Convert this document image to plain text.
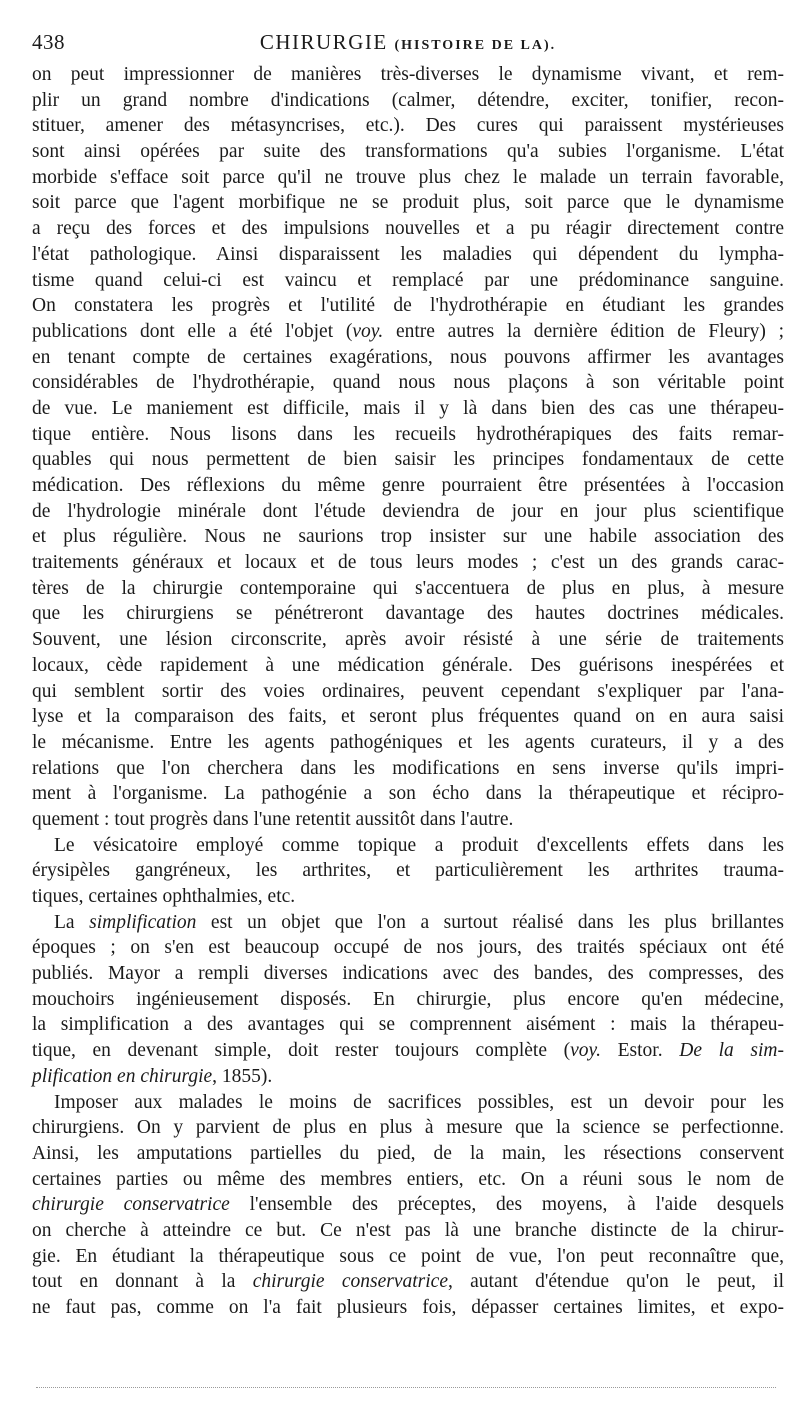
438	CHIRURGIE (HISTOIRE DE LA).
on peut impressionner de manières très-diverses le dynamisme vivant, et rem-
plir un grand nombre d'indications (calmer, détendre, exciter, tonifier, recon-
stituer, amener des métasyncrises, etc.). Des cures qui paraissent mystérieuses
sont ainsi opérées par suite des transformations qu'a subies l'organisme. L'état
morbide s'efface soit parce qu'il ne trouve plus chez le malade un terrain favorable,
soit parce que l'agent morbifique ne se produit plus, soit parce que le dynamisme
a reçu des forces et des impulsions nouvelles et a pu réagir directement contre
l'état pathologique. Ainsi disparaissent les maladies qui dépendent du lympha-
tisme quand celui-ci est vaincu et remplacé par une prédominance sanguine.
On constatera les progrès et l'utilité de l'hydrothérapie en étudiant les grandes
publications dont elle a été l'objet (voy. entre autres la dernière édition de Fleury) ;
en tenant compte de certaines exagérations, nous pouvons affirmer les avantages
considérables de l'hydrothérapie, quand nous nous plaçons à son véritable point
de vue. Le maniement est difficile, mais il y là dans bien des cas une thérapeu-
tique entière. Nous lisons dans les recueils hydrothérapiques des faits remar-
quables qui nous permettent de bien saisir les principes fondamentaux de cette
médication. Des réflexions du même genre pourraient être présentées à l'occasion
de l'hydrologie minérale dont l'étude deviendra de jour en jour plus scientifique
et plus régulière. Nous ne saurions trop insister sur une habile association des
traitements généraux et locaux et de tous leurs modes ; c'est un des grands carac-
tères de la chirurgie contemporaine qui s'accentuera de plus en plus, à mesure
que les chirurgiens se pénétreront davantage des hautes doctrines médicales.
Souvent, une lésion circonscrite, après avoir résisté à une série de traitements
locaux, cède rapidement à une médication générale. Des guérisons inespérées et
qui semblent sortir des voies ordinaires, peuvent cependant s'expliquer par l'ana-
lyse et la comparaison des faits, et seront plus fréquentes quand on en aura saisi
le mécanisme. Entre les agents pathogéniques et les agents curateurs, il y a des
relations que l'on cherchera dans les modifications en sens inverse qu'ils impri-
ment à l'organisme. La pathogénie a son écho dans la thérapeutique et récipro-
quement : tout progrès dans l'une retentit aussitôt dans l'autre.
Le vésicatoire employé comme topique a produit d'excellents effets dans les
érysipèles gangréneux, les arthrites, et particulièrement les arthrites trauma-
tiques, certaines ophthalmies, etc.
La simplification est un objet que l'on a surtout réalisé dans les plus brillantes
époques ; on s'en est beaucoup occupé de nos jours, des traités spéciaux ont été
publiés. Mayor a rempli diverses indications avec des bandes, des compresses, des
mouchoirs ingénieusement disposés. En chirurgie, plus encore qu'en médecine,
la simplification a des avantages qui se comprennent aisément : mais la thérapeu-
tique, en devenant simple, doit rester toujours complète (voy. Estor. De la sim-
plification en chirurgie, 1855).
Imposer aux malades le moins de sacrifices possibles, est un devoir pour les
chirurgiens. On y parvient de plus en plus à mesure que la science se perfectionne.
Ainsi, les amputations partielles du pied, de la main, les résections conservent
certaines parties ou même des membres entiers, etc. On a réuni sous le nom de
chirurgie conservatrice l'ensemble des préceptes, des moyens, à l'aide desquels
on cherche à atteindre ce but. Ce n'est pas là une branche distincte de la chirur-
gie. En étudiant la thérapeutique sous ce point de vue, l'on peut reconnaître que,
tout en donnant à la chirurgie conservatrice, autant d'étendue qu'on le peut, il
ne faut pas, comme on l'a fait plusieurs fois, dépasser certaines limites, et expo-
